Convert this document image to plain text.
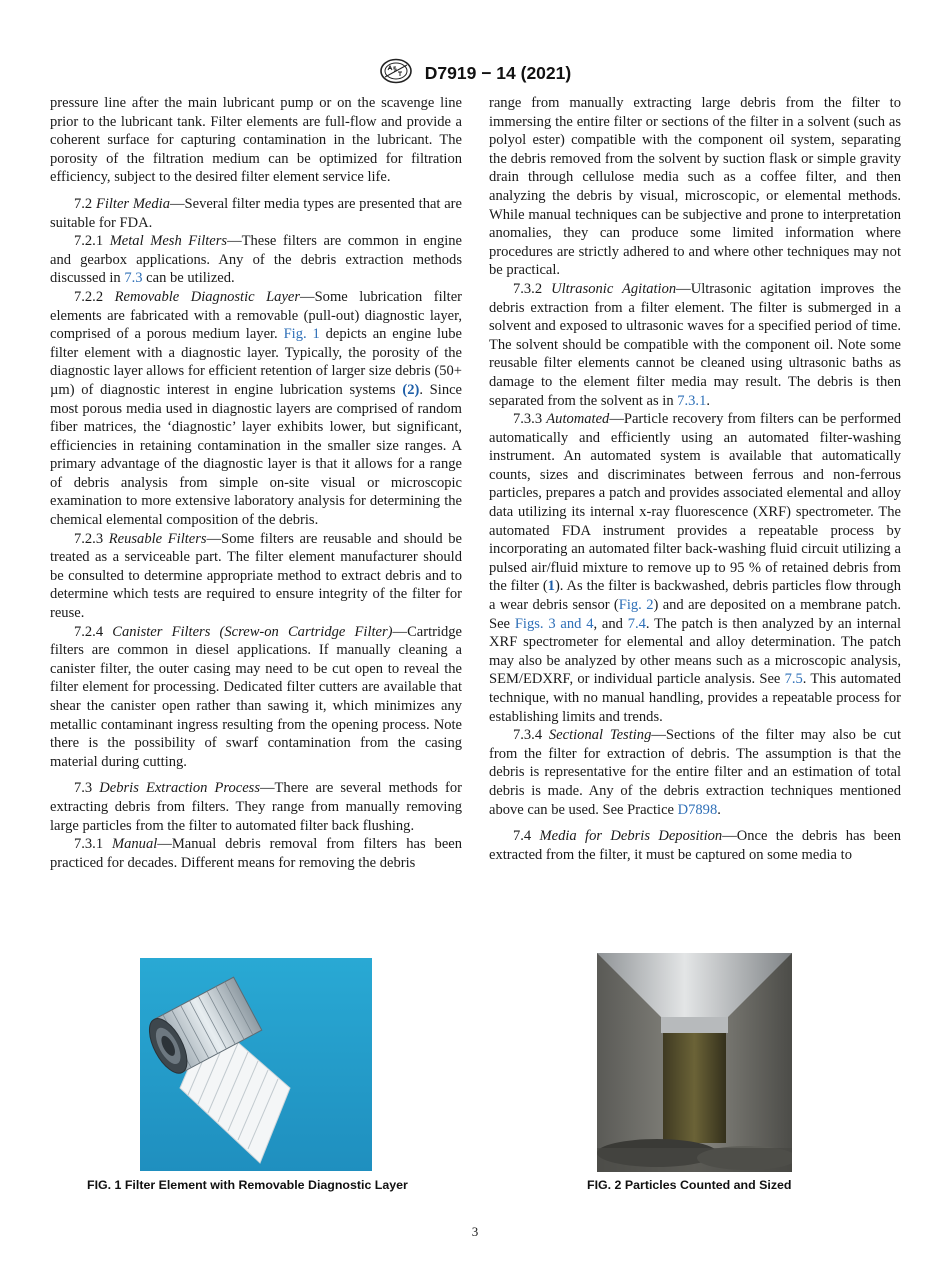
D7919 − 14 (2021)

pressure line after the main lubricant pump or on the scavenge line prior to the lubricant tank. Filter elements are full-flow and provide a coherent surface for capturing contamination in the lubricant. The porosity of the filtration medium can be optimized for filtration efficiency, subject to the desired filter element service life.

7.2 Filter Media—Several filter media types are presented that are suitable for FDA.

7.2.1 Metal Mesh Filters—These filters are common in engine and gearbox applications. Any of the debris extraction methods discussed in 7.3 can be utilized.

7.2.2 Removable Diagnostic Layer—Some lubrication filter elements are fabricated with a removable (pull-out) diagnostic layer, comprised of a porous medium layer. Fig. 1 depicts an engine lube filter element with a diagnostic layer. Typically, the porosity of the diagnostic layer allows for efficient retention of larger size debris (50+ µm) of diagnostic interest in engine lubrication systems (2). Since most porous media used in diagnostic layers are comprised of random fiber matrices, the ‘diagnostic’ layer exhibits lower, but significant, efficiencies in retaining contamination in the smaller size ranges. A primary advantage of the diagnostic layer is that it allows for a range of debris analysis from simple on-site visual or microscopic examination to more extensive laboratory analysis for determining the chemical elemental composition of the debris.

7.2.3 Reusable Filters—Some filters are reusable and should be treated as a serviceable part. The filter element manufacturer should be consulted to determine appropriate method to extract debris and to determine which tests are required to ensure integrity of the filter for reuse.

7.2.4 Canister Filters (Screw-on Cartridge Filter)—Cartridge filters are common in diesel applications. If manually cleaning a canister filter, the outer casing may need to be cut open to reveal the filter element for processing. Dedicated filter cutters are available that shear the canister open rather than sawing it, which minimizes any metallic contaminant ingress resulting from the opening process. Note there is the possibility of swarf contamination from the casing material during cutting.

7.3 Debris Extraction Process—There are several methods for extracting debris from filters. They range from manually removing large particles from the filter to automated filter back flushing.

7.3.1 Manual—Manual debris removal from filters has been practiced for decades. Different means for removing the debris

range from manually extracting large debris from the filter to immersing the entire filter or sections of the filter in a solvent (such as polyol ester) compatible with the component oil system, separating the debris removed from the solvent by suction flask or simple gravity drain through cellulose media such as a coffee filter, and then analyzing the debris by visual, microscopic, or elemental methods. While manual techniques can be subjective and prone to interpretation anomalies, they can produce some limited information where procedures are strictly adhered to and where other techniques may not be practical.

7.3.2 Ultrasonic Agitation—Ultrasonic agitation improves the debris extraction from a filter element. The filter is submerged in a solvent and exposed to ultrasonic waves for a specified period of time. The solvent should be compatible with the component oil. Note some reusable filter elements cannot be cleaned using ultrasonic baths as damage to the element filter media may result. The debris is then separated from the solvent as in 7.3.1.

7.3.3 Automated—Particle recovery from filters can be performed automatically and efficiently using an automated filter-washing instrument. An automated system is available that automatically counts, sizes and discriminates between ferrous and non-ferrous particles, prepares a patch and provides associated elemental and alloy data utilizing its internal x-ray fluorescence (XRF) spectrometer. The automated FDA instrument provides a repeatable process by incorporating an automated filter back-washing fluid circuit utilizing a pulsed air/fluid mixture to remove up to 95 % of retained debris from the filter (1). As the filter is backwashed, debris particles flow through a wear debris sensor (Fig. 2) and are deposited on a membrane patch. See Figs. 3 and 4, and 7.4. The patch is then analyzed by an internal XRF spectrometer for elemental and alloy determination. The patch may also be analyzed by other means such as a microscopic analysis, SEM/EDXRF, or individual particle analysis. See 7.5. This automated technique, with no manual handling, provides a repeatable process for establishing limits and trends.

7.3.4 Sectional Testing—Sections of the filter may also be cut from the filter for extraction of debris. The assumption is that the debris is representative for the entire filter and an estimation of total debris is made. Any of the debris extraction techniques mentioned above can be used. See Practice D7898.

7.4 Media for Debris Deposition—Once the debris has been extracted from the filter, it must be captured on some media to

FIG. 1 Filter Element with Removable Diagnostic Layer	FIG. 2 Particles Counted and Sized
3
